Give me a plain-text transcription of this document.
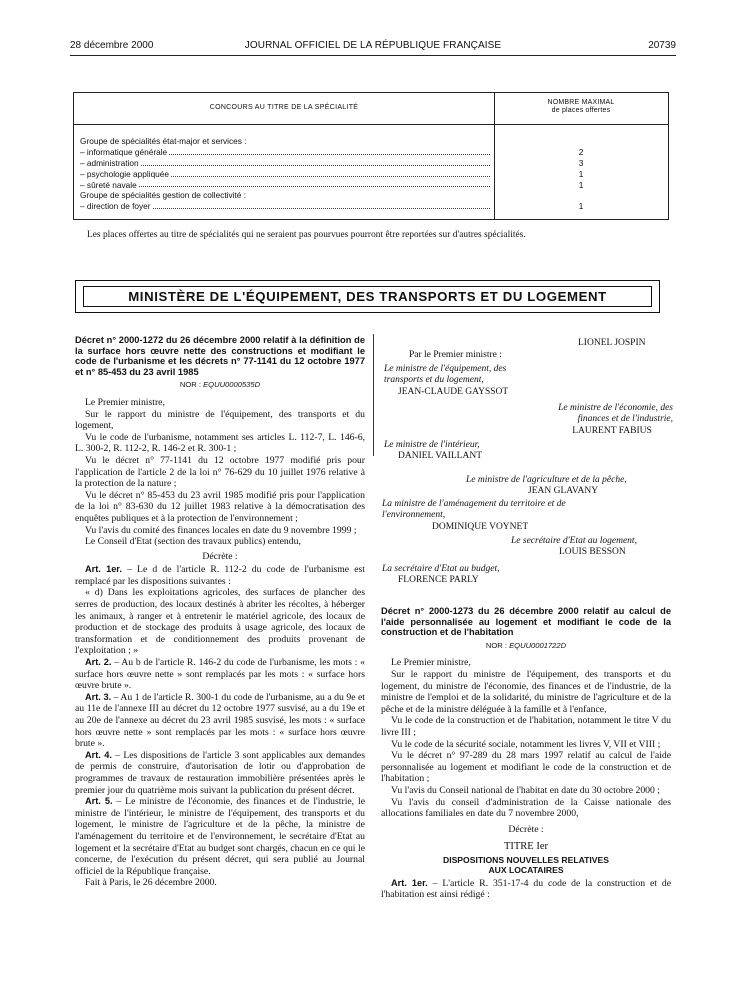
28 décembre 2000	JOURNAL OFFICIEL DE LA RÉPUBLIQUE FRANÇAISE	20739
CONCOURS AU TITRE DE LA SPÉCIALITÉ
NOMBRE MAXIMAL
de places offertes
Groupe de spécialités état-major et services :
– informatique générale
– administration
– psychologie appliquée
– sûreté navale
Groupe de spécialités gestion de collectivité :
– direction de foyer
2
3
1
1
1
Les places offertes au titre de spécialités qui ne seraient pas pourvues pourront être reportées sur d'autres spécialités.
MINISTÈRE DE L'ÉQUIPEMENT, DES TRANSPORTS ET DU LOGEMENT

Décret n° 2000-1272 du 26 décembre 2000 relatif à la définition de la surface hors œuvre nette des constructions et modifiant le code de l'urbanisme et les décrets n° 77-1141 du 12 octobre 1977 et n° 85-453 du 23 avril 1985

NOR : EQUU0000535D

Le Premier ministre,

Sur le rapport du ministre de l'équipement, des transports et du logement,

Vu le code de l'urbanisme, notamment ses articles L. 112-7, L. 146-6, L. 300-2, R. 112-2, R. 146-2 et R. 300-1 ;

Vu le décret n° 77-1141 du 12 octobre 1977 modifié pris pour l'application de l'article 2 de la loi n° 76-629 du 10 juillet 1976 relative à la protection de la nature ;

Vu le décret n° 85-453 du 23 avril 1985 modifié pris pour l'application de la loi n° 83-630 du 12 juillet 1983 relative à la démocratisation des enquêtes publiques et à la protection de l'environnement ;

Vu l'avis du comité des finances locales en date du 9 novembre 1999 ;

Le Conseil d'Etat (section des travaux publics) entendu,

Décrète :

Art. 1er. – Le d de l'article R. 112-2 du code de l'urbanisme est remplacé par les dispositions suivantes :

« d) Dans les exploitations agricoles, des surfaces de plancher des serres de production, des locaux destinés à abriter les récoltes, à héberger les animaux, à ranger et à entretenir le matériel agricole, des locaux de production et de stockage des produits à usage agricole, des locaux de transformation et de conditionnement des produits provenant de l'exploitation ; »

Art. 2. – Au b de l'article R. 146-2 du code de l'urbanisme, les mots : « surface hors œuvre nette » sont remplacés par les mots : « surface hors œuvre brute ».

Art. 3. – Au 1 de l'article R. 300-1 du code de l'urbanisme, au a du 9e et au 11e de l'annexe III au décret du 12 octobre 1977 susvisé, au a du 19e et au 20e de l'annexe au décret du 23 avril 1985 susvisé, les mots : « surface hors œuvre nette » sont remplacés par les mots : « surface hors œuvre brute ».

Art. 4. – Les dispositions de l'article 3 sont applicables aux demandes de permis de construire, d'autorisation de lotir ou d'approbation de programmes de travaux de restauration immobilière présentées après le premier jour du quatrième mois suivant la publication du présent décret.

Art. 5. – Le ministre de l'économie, des finances et de l'industrie, le ministre de l'intérieur, le ministre de l'équipement, des transports et du logement, le ministre de l'agriculture et de la pêche, la ministre de l'aménagement du territoire et de l'environnement, le secrétaire d'Etat au logement et la secrétaire d'Etat au budget sont chargés, chacun en ce qui le concerne, de l'exécution du présent décret, qui sera publié au Journal officiel de la République française.

Fait à Paris, le 26 décembre 2000.

LIONEL JOSPIN
Par le Premier ministre :
Le ministre de l'équipement, des transports et du logement,
JEAN-CLAUDE GAYSSOT
Le ministre de l'économie, des finances et de l'industrie,
LAURENT FABIUS
Le ministre de l'intérieur,
DANIEL VAILLANT
Le ministre de l'agriculture et de la pêche,
JEAN GLAVANY
La ministre de l'aménagement du territoire et de l'environnement,
DOMINIQUE VOYNET
Le secrétaire d'Etat au logement,
LOUIS BESSON
La secrétaire d'Etat au budget,
FLORENCE PARLY

Décret n° 2000-1273 du 26 décembre 2000 relatif au calcul de l'aide personnalisée au logement et modifiant le code de la construction et de l'habitation

NOR : EQUU0001722D

Le Premier ministre,

Sur le rapport du ministre de l'équipement, des transports et du logement, du ministre de l'économie, des finances et de l'industrie, de la ministre de l'emploi et de la solidarité, du ministre de l'agriculture et de la pêche et de la ministre déléguée à la famille et à l'enfance,

Vu le code de la construction et de l'habitation, notamment le titre V du livre III ;

Vu le code de la sécurité sociale, notamment les livres V, VII et VIII ;

Vu le décret n° 97-289 du 28 mars 1997 relatif au calcul de l'aide personnalisée au logement et modifiant le code de la construction et de l'habitation ;

Vu l'avis du Conseil national de l'habitat en date du 30 octobre 2000 ;

Vu l'avis du conseil d'administration de la Caisse nationale des allocations familiales en date du 7 novembre 2000,

Décrète :

TITRE Ier

DISPOSITIONS NOUVELLES RELATIVES

AUX LOCATAIRES

Art. 1er. – L'article R. 351-17-4 du code de la construction et de l'habitation est ainsi rédigé :
